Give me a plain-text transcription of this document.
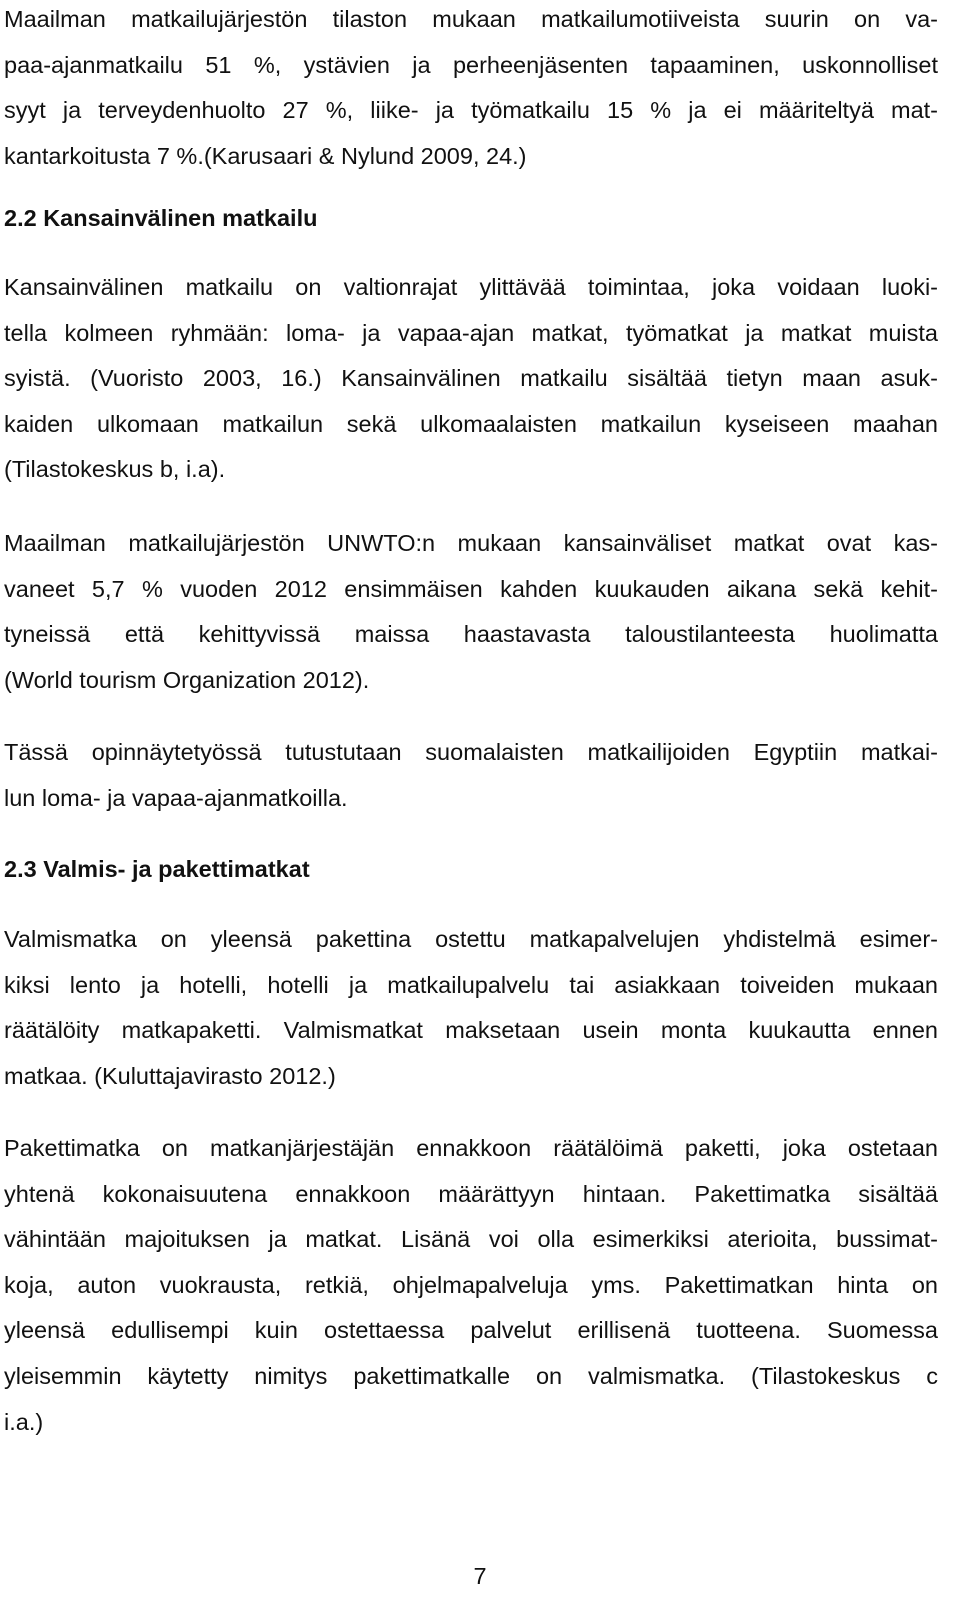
Maailman matkailujärjestön tilaston mukaan matkailumotiiveista suurin on va-
paa-ajanmatkailu 51 %, ystävien ja perheenjäsenten tapaaminen, uskonnolliset
syyt ja terveydenhuolto 27 %, liike- ja työmatkailu 15 % ja ei määriteltyä mat-
kantarkoitusta 7 %.(Karusaari & Nylund 2009, 24.)

2.2 Kansainvälinen matkailu

Kansainvälinen matkailu on valtionrajat ylittävää toimintaa, joka voidaan luoki-
tella kolmeen ryhmään: loma- ja vapaa-ajan matkat, työmatkat ja matkat muista
syistä. (Vuoristo 2003, 16.) Kansainvälinen matkailu sisältää tietyn maan asuk-
kaiden ulkomaan matkailun sekä ulkomaalaisten matkailun kyseiseen maahan
(Tilastokeskus b, i.a).

Maailman matkailujärjestön UNWTO:n mukaan kansainväliset matkat ovat kas-
vaneet 5,7 % vuoden 2012 ensimmäisen kahden kuukauden aikana sekä kehit-
tyneissä että kehittyvissä maissa haastavasta taloustilanteesta huolimatta
(World tourism Organization 2012).

Tässä opinnäytetyössä tutustutaan suomalaisten matkailijoiden Egyptiin matkai-
lun loma- ja vapaa-ajanmatkoilla.

2.3 Valmis- ja pakettimatkat

Valmismatka on yleensä pakettina ostettu matkapalvelujen yhdistelmä esimer-
kiksi lento ja hotelli, hotelli ja matkailupalvelu tai asiakkaan toiveiden mukaan
räätälöity matkapaketti. Valmismatkat maksetaan usein monta kuukautta ennen
matkaa. (Kuluttajavirasto 2012.)

Pakettimatka on matkanjärjestäjän ennakkoon räätälöimä paketti, joka ostetaan
yhtenä kokonaisuutena ennakkoon määrättyyn hintaan. Pakettimatka sisältää
vähintään majoituksen ja matkat. Lisänä voi olla esimerkiksi aterioita, bussimat-
koja, auton vuokrausta, retkiä, ohjelmapalveluja yms. Pakettimatkan hinta on
yleensä edullisempi kuin ostettaessa palvelut erillisenä tuotteena. Suomessa
yleisemmin käytetty nimitys pakettimatkalle on valmismatka. (Tilastokeskus c
i.a.)

7
